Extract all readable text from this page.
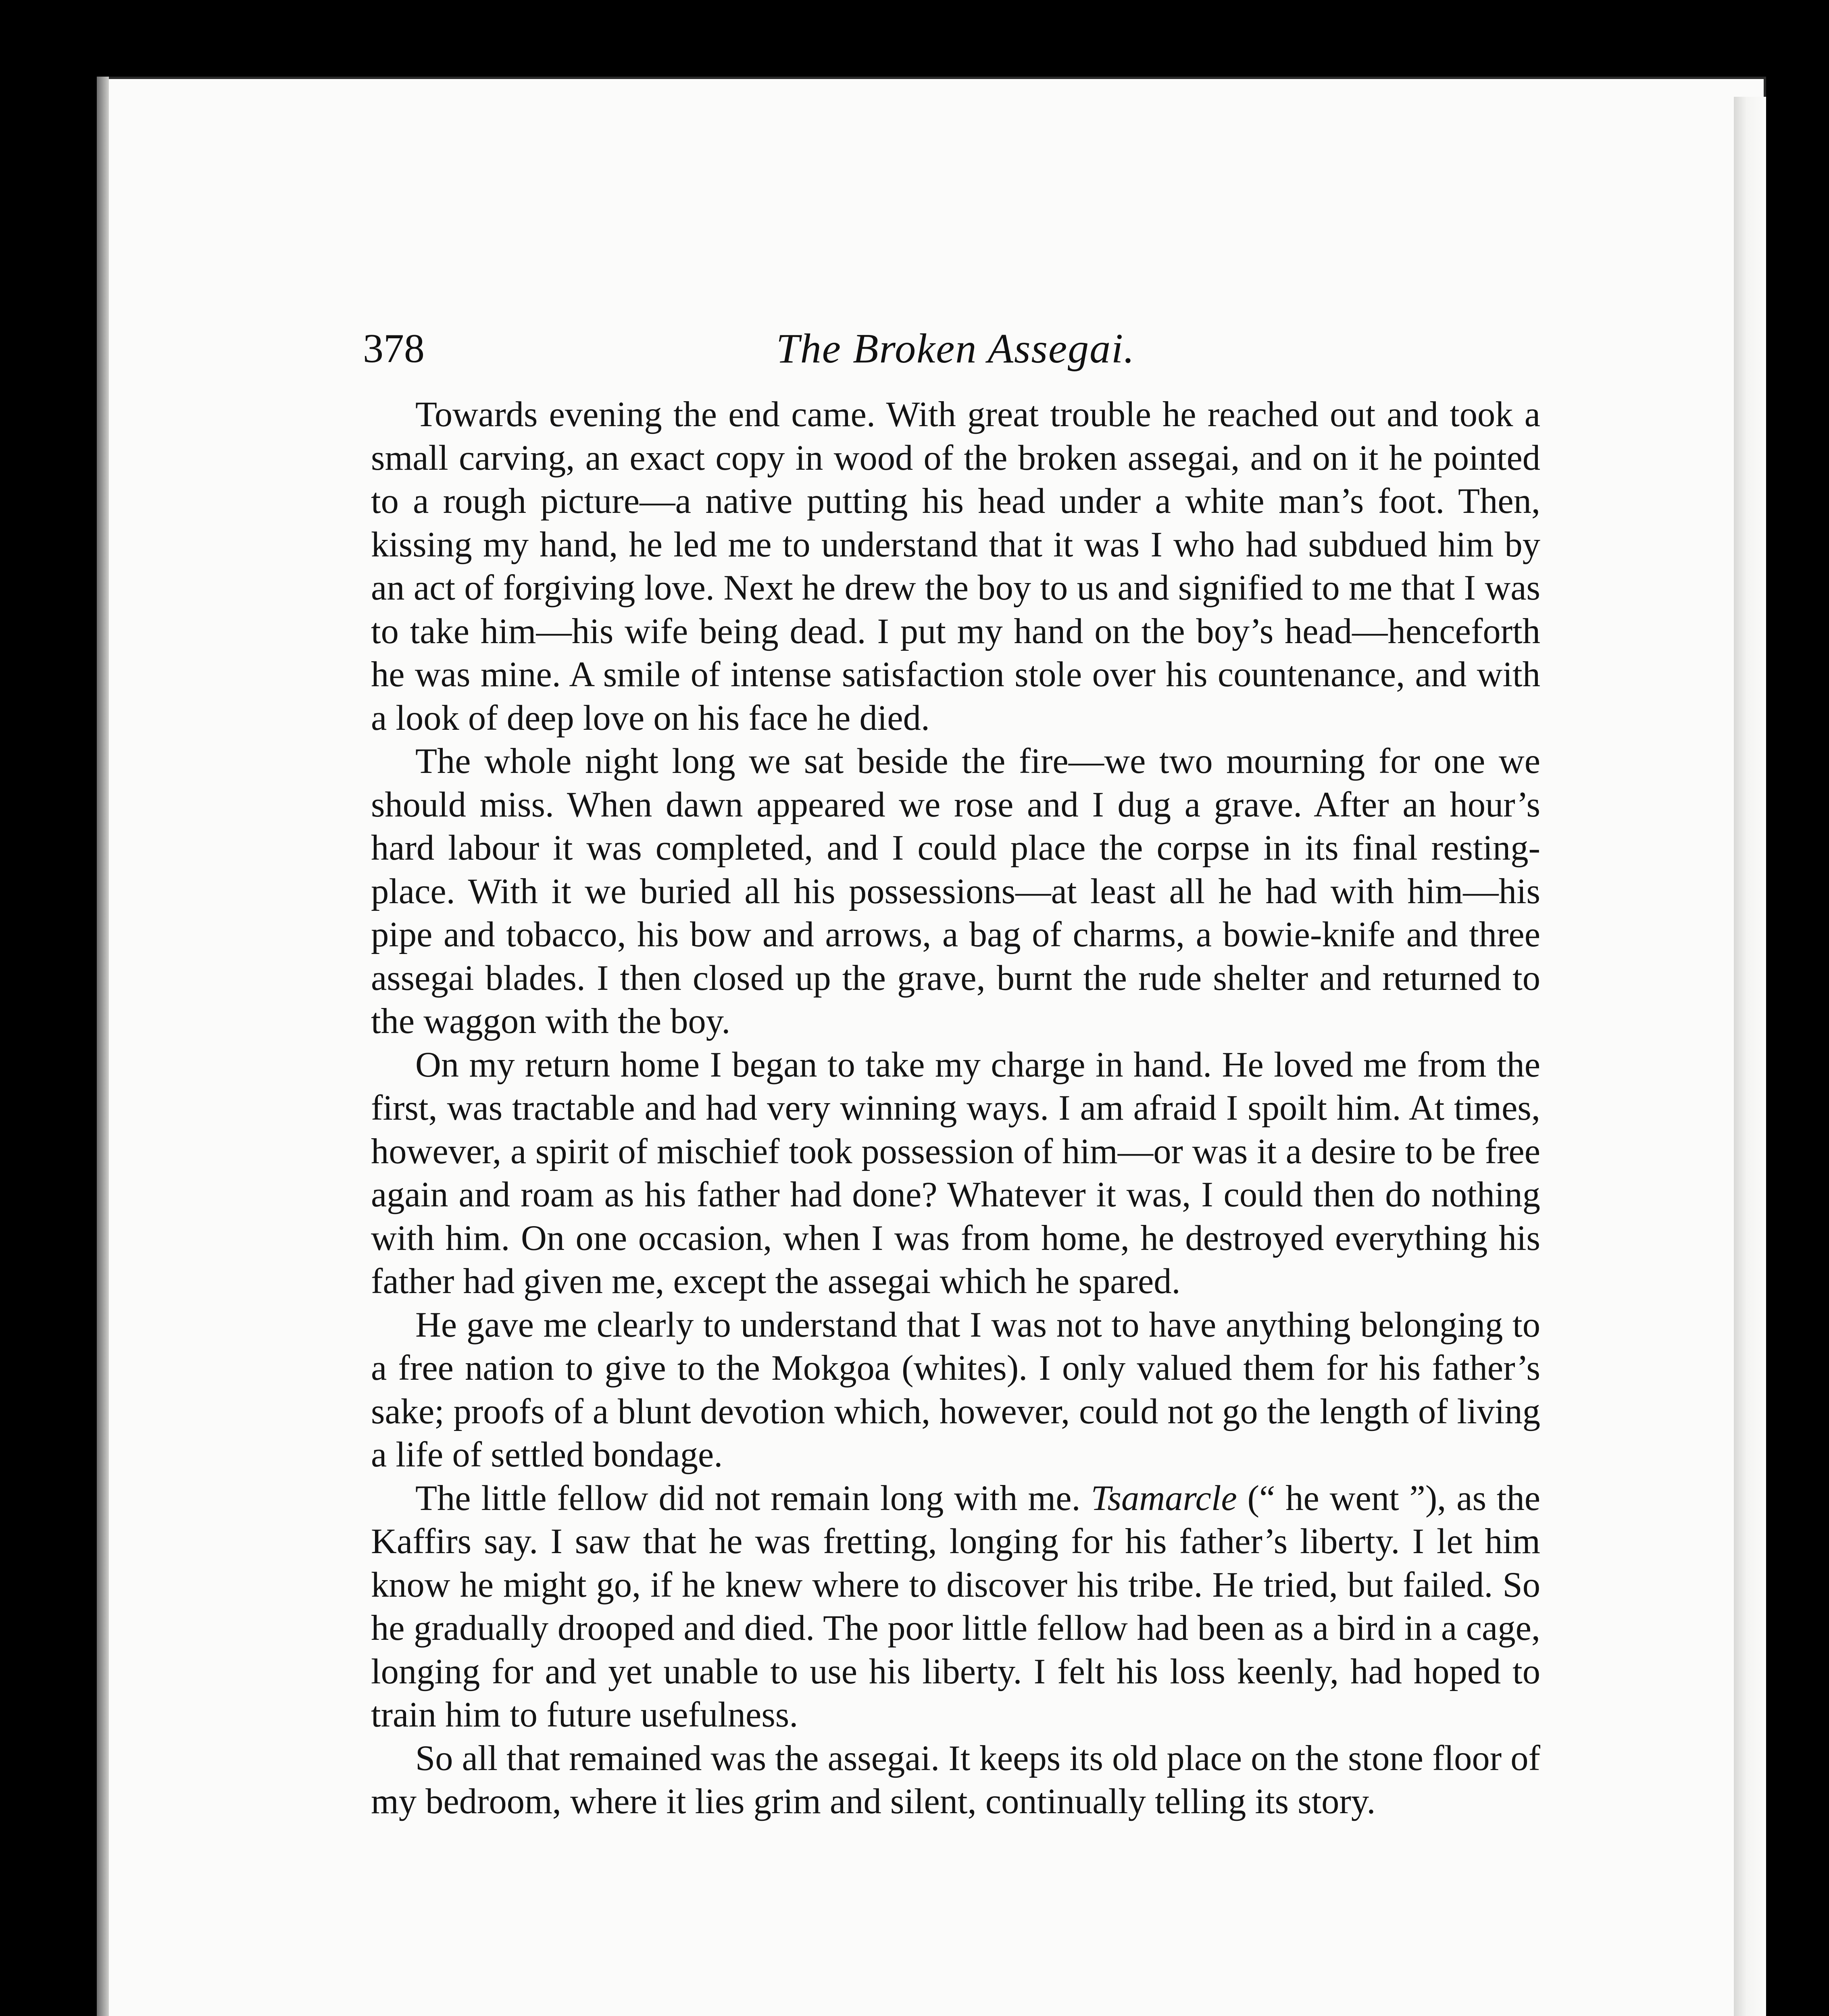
378	The Broken Assegai.

Towards evening the end came. With great trouble he reached out and took a small carving, an exact copy in wood of the broken assegai, and on it he pointed to a rough picture—a native putting his head under a white man’s foot. Then, kissing my hand, he led me to understand that it was I who had subdued him by an act of forgiving love. Next he drew the boy to us and signified to me that I was to take him—his wife being dead. I put my hand on the boy’s head—henceforth he was mine. A smile of intense satisfaction stole over his countenance, and with a look of deep love on his face he died.

The whole night long we sat beside the fire—we two mourning for one we should miss. When dawn appeared we rose and I dug a grave. After an hour’s hard labour it was completed, and I could place the corpse in its final resting-place. With it we buried all his possessions—at least all he had with him—his pipe and tobacco, his bow and arrows, a bag of charms, a bowie-knife and three assegai blades. I then closed up the grave, burnt the rude shelter and returned to the waggon with the boy.

On my return home I began to take my charge in hand. He loved me from the first, was tractable and had very winning ways. I am afraid I spoilt him. At times, however, a spirit of mischief took possession of him—or was it a desire to be free again and roam as his father had done? Whatever it was, I could then do nothing with him. On one occasion, when I was from home, he destroyed everything his father had given me, except the assegai which he spared.

He gave me clearly to understand that I was not to have anything belonging to a free nation to give to the Mokgoa (whites). I only valued them for his father’s sake; proofs of a blunt devotion which, however, could not go the length of living a life of settled bondage.

The little fellow did not remain long with me. Tsamarcle (“ he went ”), as the Kaffirs say. I saw that he was fretting, longing for his father’s liberty. I let him know he might go, if he knew where to discover his tribe. He tried, but failed. So he gradually drooped and died. The poor little fellow had been as a bird in a cage, longing for and yet unable to use his liberty. I felt his loss keenly, had hoped to train him to future usefulness.

So all that remained was the assegai. It keeps its old place on the stone floor of my bedroom, where it lies grim and silent, continually telling its story.
